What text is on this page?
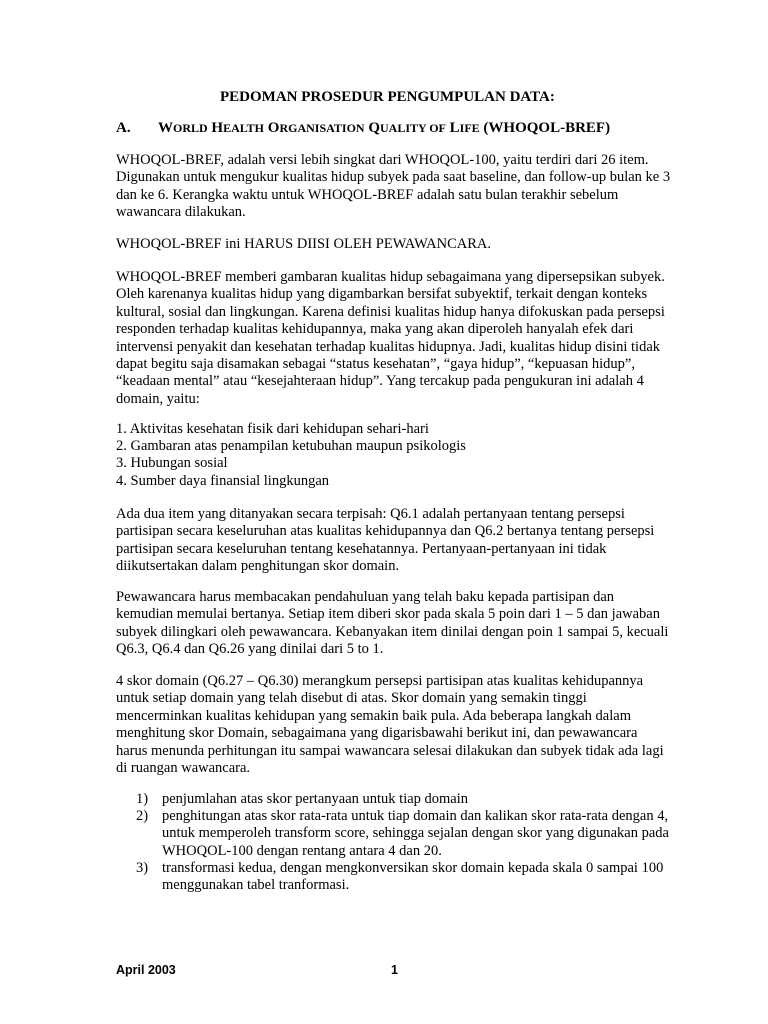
PEDOMAN PROSEDUR PENGUMPULAN DATA:
A. WORLD HEALTH ORGANISATION QUALITY OF LIFE (WHOQOL-BREF)

WHOQOL-BREF, adalah versi lebih singkat dari WHOQOL-100, yaitu terdiri dari 26 item. Digunakan untuk mengukur kualitas hidup subyek pada saat baseline, dan follow-up bulan ke 3 dan ke 6. Kerangka waktu untuk WHOQOL-BREF adalah satu bulan terakhir sebelum wawancara dilakukan.

WHOQOL-BREF ini HARUS DIISI OLEH PEWAWANCARA.

WHOQOL-BREF memberi gambaran kualitas hidup sebagaimana yang dipersepsikan subyek. Oleh karenanya kualitas hidup yang digambarkan bersifat subyektif, terkait dengan konteks kultural, sosial dan lingkungan. Karena definisi kualitas hidup hanya difokuskan pada persepsi responden terhadap kualitas kehidupannya, maka yang akan diperoleh hanyalah efek dari intervensi penyakit dan kesehatan terhadap kualitas hidupnya. Jadi, kualitas hidup disini tidak dapat begitu saja disamakan sebagai “status kesehatan”, “gaya hidup”, “kepuasan hidup”, “keadaan mental” atau “kesejahteraan hidup”. Yang tercakup pada pengukuran ini adalah 4 domain, yaitu:

1. Aktivitas kesehatan fisik dari kehidupan sehari-hari
2. Gambaran atas penampilan ketubuhan maupun psikologis
3. Hubungan sosial
4. Sumber daya finansial lingkungan

Ada dua item yang ditanyakan secara terpisah: Q6.1 adalah pertanyaan tentang persepsi partisipan secara keseluruhan atas kualitas kehidupannya dan Q6.2 bertanya tentang persepsi partisipan secara keseluruhan tentang kesehatannya. Pertanyaan-pertanyaan ini tidak diikutsertakan dalam penghitungan skor domain.

Pewawancara harus membacakan pendahuluan yang telah baku kepada partisipan dan kemudian memulai bertanya. Setiap item diberi skor pada skala 5 poin dari 1 – 5 dan jawaban subyek dilingkari oleh pewawancara. Kebanyakan item dinilai dengan poin 1 sampai 5, kecuali Q6.3, Q6.4 dan Q6.26 yang dinilai dari 5 to 1.

4 skor domain (Q6.27 – Q6.30) merangkum persepsi partisipan atas kualitas kehidupannya untuk setiap domain yang telah disebut di atas. Skor domain yang semakin tinggi mencerminkan kualitas kehidupan yang semakin baik pula. Ada beberapa langkah dalam menghitung skor Domain, sebagaimana yang digarisbawahi berikut ini, dan pewawancara harus menunda perhitungan itu sampai wawancara selesai dilakukan dan subyek tidak ada lagi di ruangan wawancara.

1) penjumlahan atas skor pertanyaan untuk tiap domain
2) penghitungan atas skor rata-rata untuk tiap domain dan kalikan skor rata-rata dengan 4, untuk memperoleh transform score, sehingga sejalan dengan skor yang digunakan pada WHOQOL-100 dengan rentang antara 4 dan 20.
3) transformasi kedua, dengan mengkonversikan skor domain kepada skala 0 sampai 100 menggunakan tabel tranformasi.
April 2003	1
